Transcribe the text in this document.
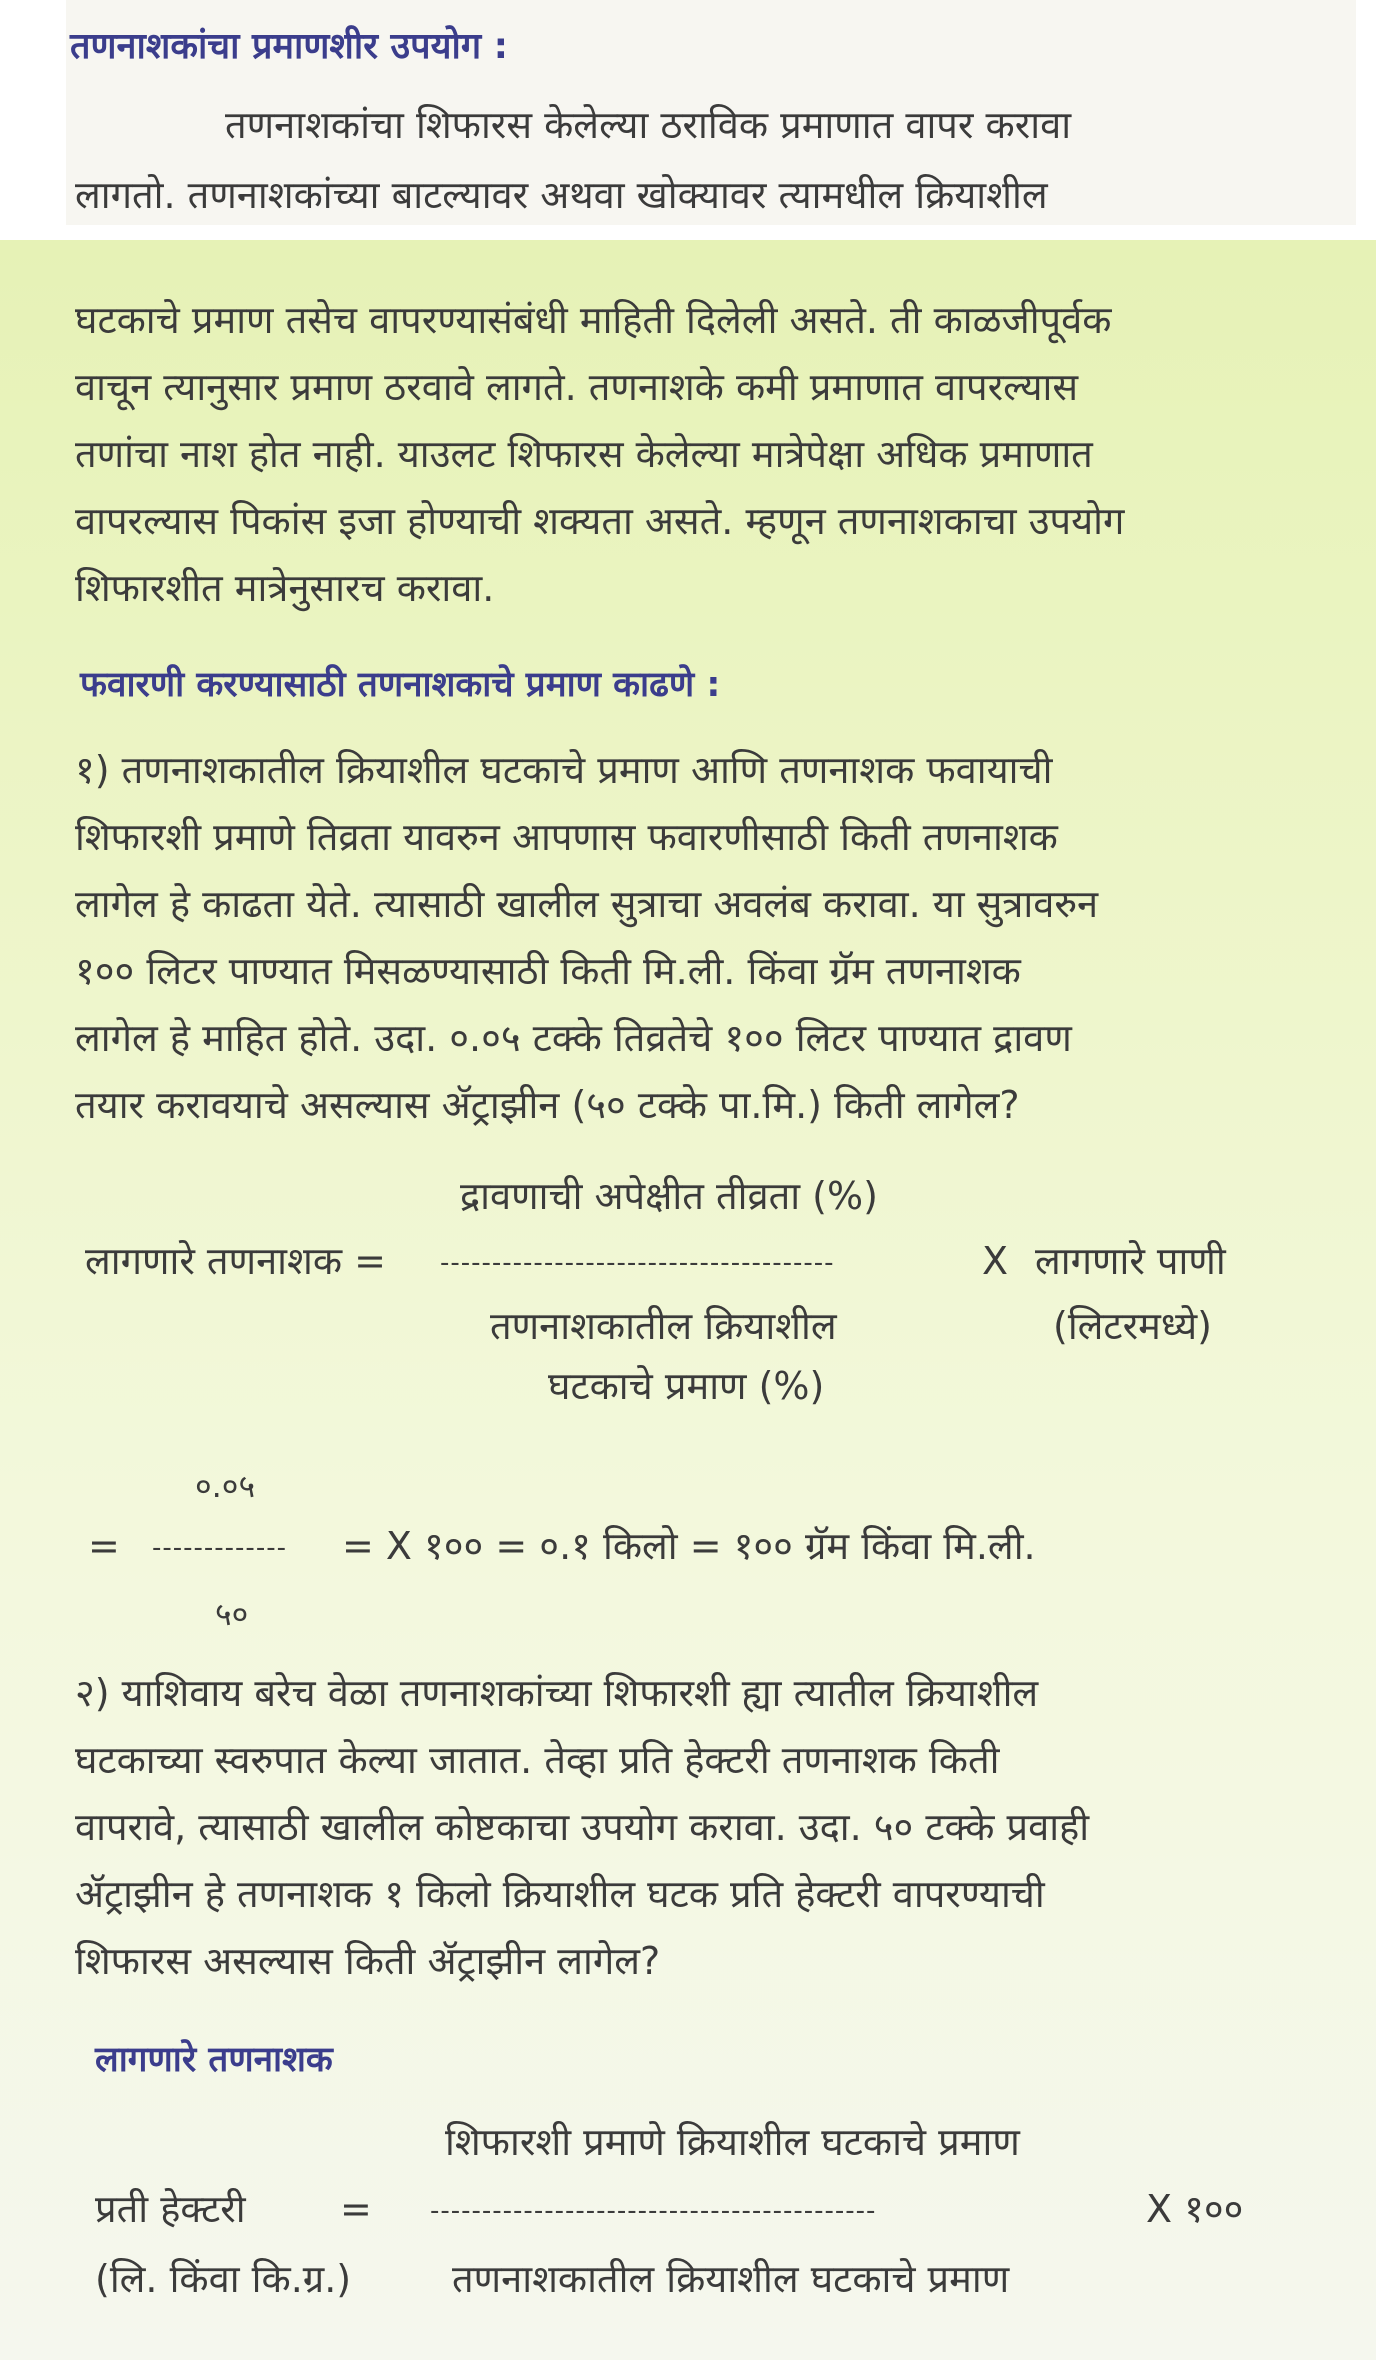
तणनाशकांचा प्रमाणशीर उपयोग :
तणनाशकांचा शिफारस केलेल्या ठराविक प्रमाणात वापर करावा
लागतो. तणनाशकांच्या बाटल्यावर अथवा खोक्यावर त्यामधील क्रियाशील
घटकाचे प्रमाण तसेच वापरण्यासंबंधी माहिती दिलेली असते. ती काळजीपूर्वक
वाचून त्यानुसार प्रमाण ठरवावे लागते. तणनाशके कमी प्रमाणात वापरल्यास
तणांचा नाश होत नाही. याउलट शिफारस केलेल्या मात्रेपेक्षा अधिक प्रमाणात
वापरल्यास पिकांस इजा होण्याची शक्यता असते. म्हणून तणनाशकाचा उपयोग
शिफारशीत मात्रेनुसारच करावा.
फवारणी करण्यासाठी तणनाशकाचे प्रमाण काढणे :
१) तणनाशकातील क्रियाशील घटकाचे प्रमाण आणि तणनाशक फवायाची
शिफारशी प्रमाणे तिव्रता यावरुन आपणास फवारणीसाठी किती तणनाशक
लागेल हे काढता येते. त्यासाठी खालील सुत्राचा अवलंब करावा. या सुत्रावरुन
१०० लिटर पाण्यात मिसळण्यासाठी किती मि.ली. किंवा ग्रॅम तणनाशक
लागेल हे माहित होते. उदा. ०.०५ टक्के तिव्रतेचे १०० लिटर पाण्यात द्रावण
तयार करावयाचे असल्यास ॲट्राझीन (५० टक्के पा.मि.) किती लागेल?
द्रावणाची अपेक्षीत तीव्रता (%)
लागणारे तणनाशक = --------------------------------------	X लागणारे पाणी
तणनाशकातील क्रियाशील	(लिटरमध्ये)
घटकाचे प्रमाण (%)
०.०५
= -------------	= X १०० = ०.१ किलो = १०० ग्रॅम किंवा मि.ली.
५०
२) याशिवाय बरेच वेळा तणनाशकांच्या शिफारशी ह्या त्यातील क्रियाशील
घटकाच्या स्वरुपात केल्या जातात. तेव्हा प्रति हेक्टरी तणनाशक किती
वापरावे, त्यासाठी खालील कोष्टकाचा उपयोग करावा. उदा. ५० टक्के प्रवाही
ॲट्राझीन हे तणनाशक १ किलो क्रियाशील घटक प्रति हेक्टरी वापरण्याची
शिफारस असल्यास किती ॲट्राझीन लागेल?
लागणारे तणनाशक
शिफारशी प्रमाणे क्रियाशील घटकाचे प्रमाण
प्रती हेक्टरी = -------------------------------------------	X १००
(लि. किंवा कि.ग्र.)	तणनाशकातील क्रियाशील घटकाचे प्रमाण
